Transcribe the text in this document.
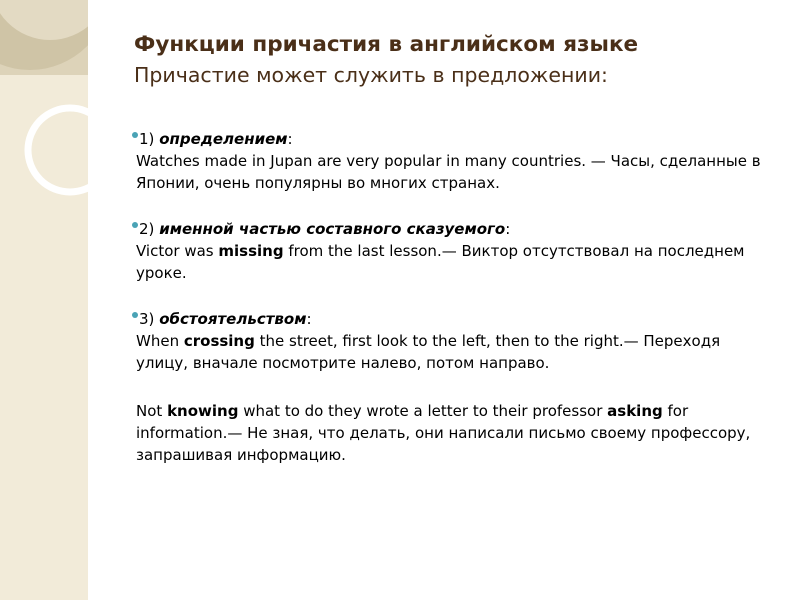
Функции причастия в английском языке
Причастие может служить в предложении:
1)
определением :
Watches made in Jupan are very popular in many countries. — Часы, сделанные в Японии, очень популярны во многих странах.
2)
именной частью составного сказуемого :
Victor was missing from the last lesson.— Виктор отсутствовал на последнем уроке.
3)
обстоятельством :
When crossing the street, first look to the left, then to the right.— Переходя улицу, вначале посмотрите налево, потом направо.
Not knowing what to do they wrote a letter to their professor asking for information.— Не зная, что делать, они написали письмо своему профессору, запрашивая информацию.
